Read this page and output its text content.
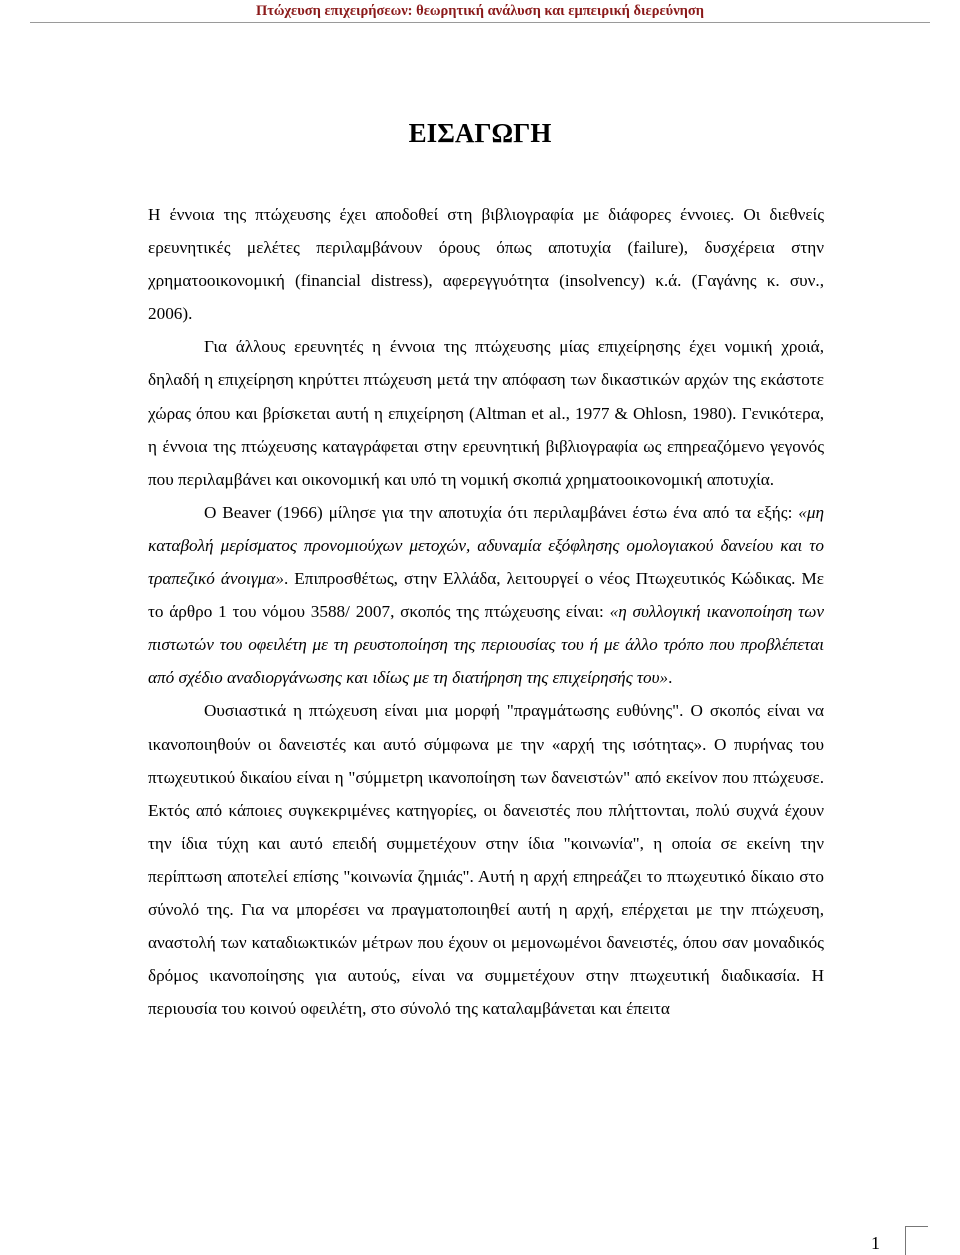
Πτώχευση επιχειρήσεων: θεωρητική ανάλυση και εμπειρική διερεύνηση
ΕΙΣΑΓΩΓΗ

Η έννοια της πτώχευσης έχει αποδοθεί στη βιβλιογραφία με διάφορες έννοιες. Οι διεθνείς ερευνητικές μελέτες περιλαμβάνουν όρους όπως αποτυχία (failure), δυσχέρεια στην χρηματοοικονομική (financial distress), αφερεγγυότητα (insolvency) κ.ά. (Γαγάνης κ. συν., 2006).

Για άλλους ερευνητές η έννοια της πτώχευσης μίας επιχείρησης έχει νομική χροιά, δηλαδή η επιχείρηση κηρύττει πτώχευση μετά την απόφαση των δικαστικών αρχών της εκάστοτε χώρας όπου και βρίσκεται αυτή η επιχείρηση (Altman et al., 1977 & Ohlosn, 1980). Γενικότερα, η έννοια της πτώχευσης καταγράφεται στην ερευνητική βιβλιογραφία ως επηρεαζόμενο γεγονός που περιλαμβάνει και οικονομική και υπό τη νομική σκοπιά χρηματοοικονομική αποτυχία.

Ο Beaver (1966) μίλησε για την αποτυχία ότι περιλαμβάνει έστω ένα από τα εξής: «μη καταβολή μερίσματος προνομιούχων μετοχών, αδυναμία εξόφλησης ομολογιακού δανείου και το τραπεζικό άνοιγμα». Επιπροσθέτως, στην Ελλάδα, λειτουργεί ο νέος Πτωχευτικός Κώδικας. Με το άρθρο 1 του νόμου 3588/ 2007, σκοπός της πτώχευσης είναι: «η συλλογική ικανοποίηση των πιστωτών του οφειλέτη με τη ρευστοποίηση της περιουσίας του ή με άλλο τρόπο που προβλέπεται από σχέδιο αναδιοργάνωσης και ιδίως με τη διατήρηση της επιχείρησής του».

Ουσιαστικά η πτώχευση είναι μια μορφή "πραγμάτωσης ευθύνης". Ο σκοπός είναι να ικανοποιηθούν οι δανειστές και αυτό σύμφωνα με την «αρχή της ισότητας». Ο πυρήνας του πτωχευτικού δικαίου είναι η "σύμμετρη ικανοποίηση των δανειστών" από εκείνον που πτώχευσε. Εκτός από κάποιες συγκεκριμένες κατηγορίες, οι δανειστές που πλήττονται, πολύ συχνά έχουν την ίδια τύχη και αυτό επειδή συμμετέχουν στην ίδια "κοινωνία", η οποία σε εκείνη την περίπτωση αποτελεί επίσης "κοινωνία ζημιάς". Αυτή η αρχή επηρεάζει το πτωχευτικό δίκαιο στο σύνολό της. Για να μπορέσει να πραγματοποιηθεί αυτή η αρχή, επέρχεται με την πτώχευση, αναστολή των καταδιωκτικών μέτρων που έχουν οι μεμονωμένοι δανειστές, όπου σαν μοναδικός δρόμος ικανοποίησης για αυτούς, είναι να συμμετέχουν στην πτωχευτική διαδικασία. Η περιουσία του κοινού οφειλέτη, στο σύνολό της καταλαμβάνεται και έπειτα

1
